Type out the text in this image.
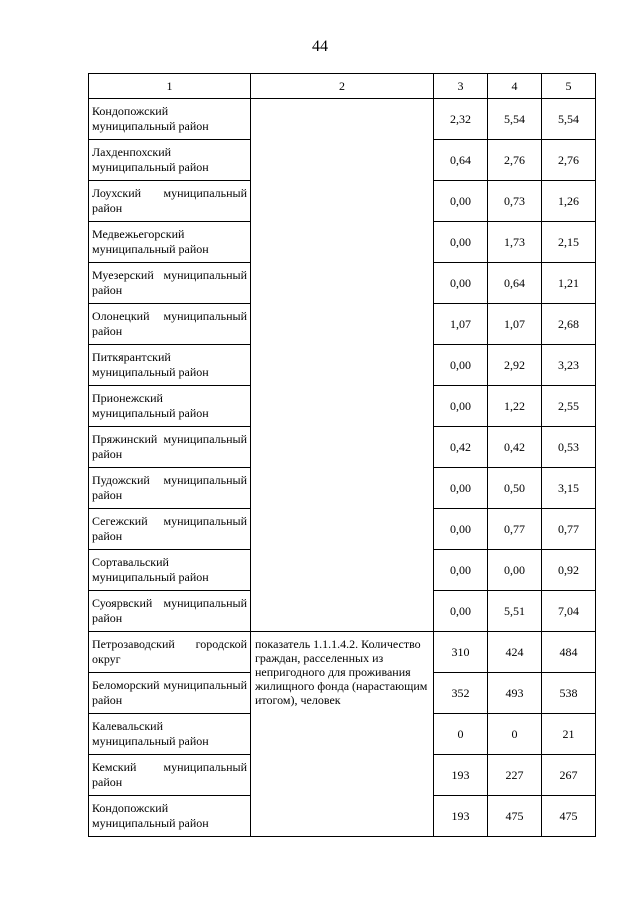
44
1	2	3	4	5
Кондопожский муниципальный район		2,32	5,54	5,54
Лахденпохский муниципальный район		0,64	2,76	2,76
Лоухский муниципальный район		0,00	0,73	1,26
Медвежьегорский муниципальный район		0,00	1,73	2,15
Муезерский муниципальный район		0,00	0,64	1,21
Олонецкий муниципальный район		1,07	1,07	2,68
Питкярантский муниципальный район		0,00	2,92	3,23
Прионежский муниципальный район		0,00	1,22	2,55
Пряжинский муниципальный район		0,42	0,42	0,53
Пудожский муниципальный район		0,00	0,50	3,15
Сегежский муниципальный район		0,00	0,77	0,77
Сортавальский муниципальный район		0,00	0,00	0,92
Суоярвский муниципальный район		0,00	5,51	7,04
Петрозаводский городской округ	показатель 1.1.1.4.2. Количество граждан, расселенных из непригодного для проживания жилищного фонда (нарастающим итогом), человек	310	424	484
Беломорский муниципальный район		352	493	538
Калевальский муниципальный район		0	0	21
Кемский муниципальный район		193	227	267
Кондопожский муниципальный район		193	475	475
